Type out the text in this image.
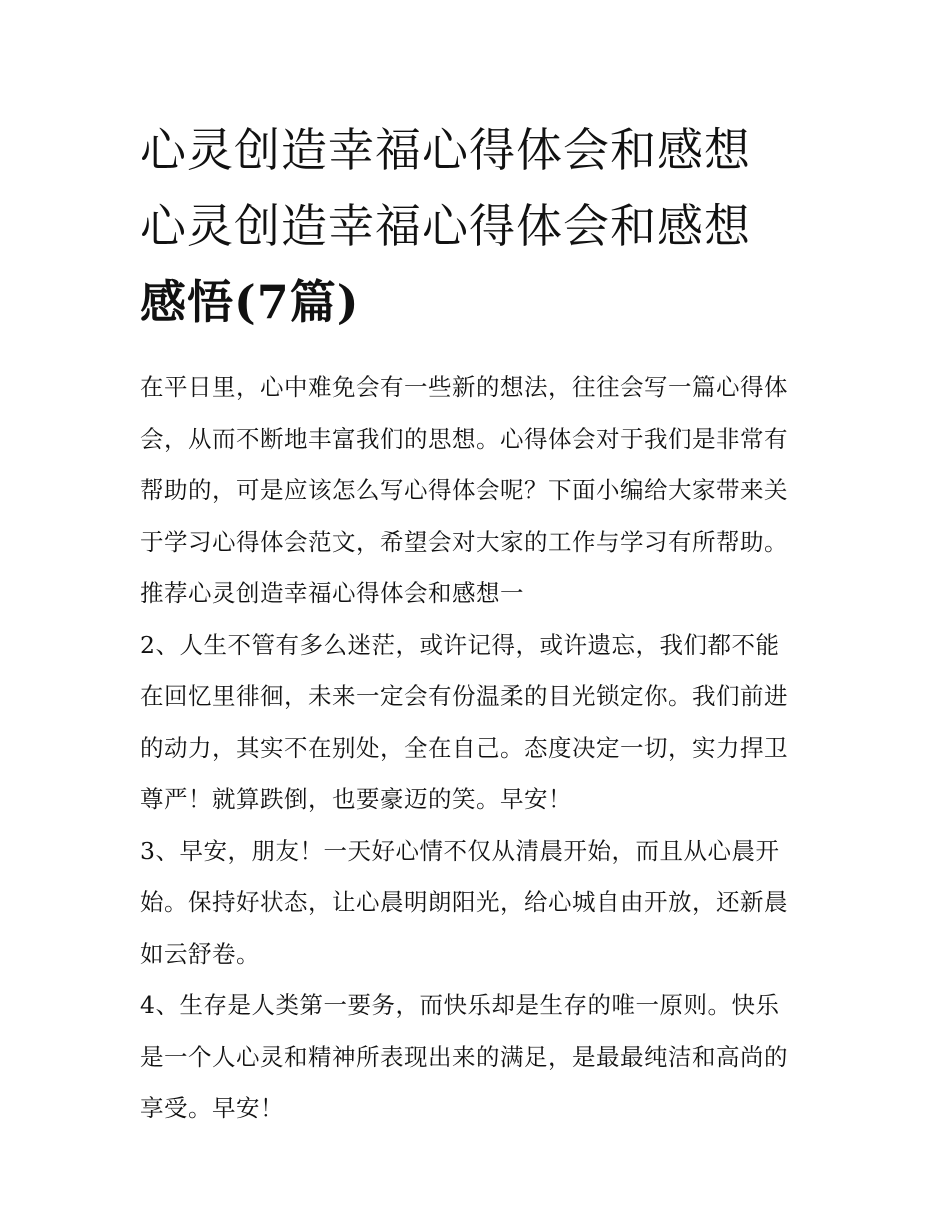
心灵创造幸福心得体会和感想
心灵创造幸福心得体会和感想
感悟(7篇)

在平日里，心中难免会有一些新的想法，往往会写一篇心得体
会，从而不断地丰富我们的思想。心得体会对于我们是非常有
帮助的，可是应该怎么写心得体会呢？下面小编给大家带来关
于学习心得体会范文，希望会对大家的工作与学习有所帮助。

推荐心灵创造幸福心得体会和感想一

2、人生不管有多么迷茫，或许记得，或许遗忘，我们都不能
在回忆里徘徊，未来一定会有份温柔的目光锁定你。我们前进
的动力，其实不在别处，全在自己。态度决定一切，实力捍卫
尊严！就算跌倒，也要豪迈的笑。早安！

3、早安，朋友！一天好心情不仅从清晨开始，而且从心晨开
始。保持好状态，让心晨明朗阳光，给心城自由开放，还新晨
如云舒卷。

4、生存是人类第一要务，而快乐却是生存的唯一原则。快乐
是一个人心灵和精神所表现出来的满足，是最最纯洁和高尚的
享受。早安！
